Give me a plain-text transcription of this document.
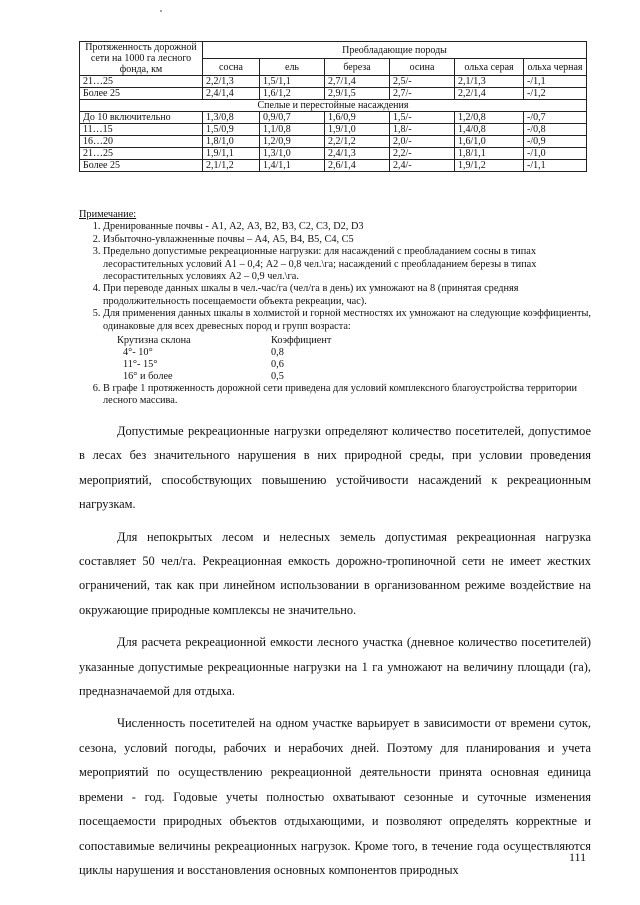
Протяженность дорожной сети на 1000 га лесного фонда, км	Преобладающие породы					
	сосна	ель	береза	осина	ольха серая	ольха черная
21…25	2,2/1,3	1,5/1,1	2,7/1,4	2,5/-	2,1/1,3	-/1,1
Более 25	2,4/1,4	1,6/1,2	2,9/1,5	2,7/-	2,2/1,4	-/1,2
Спелые и перестойные насаждения						
До 10 включительно	1,3/0,8	0,9/0,7	1,6/0,9	1,5/-	1,2/0,8	-/0,7
11…15	1,5/0,9	1,1/0,8	1,9/1,0	1,8/-	1,4/0,8	-/0,8
16…20	1,8/1,0	1,2/0,9	2,2/1,2	2,0/-	1,6/1,0	-/0,9
21…25	1,9/1,1	1,3/1,0	2,4/1,3	2,2/-	1,8/1,1	-/1,0
Более 25	2,1/1,2	1,4/1,1	2,6/1,4	2,4/-	1,9/1,2	-/1,1
Примечание:
1. Дренированные почвы - А1, А2, А3, В2, В3, С2, С3, D2, D3
2. Избыточно-увлажненные почвы – А4, А5, В4, В5, С4, С5
3. Предельно допустимые рекреационные нагрузки: для насаждений с преобладанием сосны в типах лесорастительных условий А1 – 0,4; А2 – 0,8 чел.\га; насаждений с преобладанием березы в типах лесорастительных условиях А2 – 0,9 чел.\га.
4. При переводе данных шкалы в чел.-час/га (чел/га в день) их умножают на 8 (принятая средняя продолжительность посещаемости объекта рекреации, час).
5. Для применения данных шкалы в холмистой и горной местностях их умножают на следующие коэффициенты, одинаковые для всех древесных пород и групп возраста:
Крутизна склона	Коэффициент
4°- 10°	0,8
11°- 15°	0,6
16° и более	0,5
6. В графе 1 протяженность дорожной сети приведена для условий комплексного благоустройства территории лесного массива.

Допустимые рекреационные нагрузки определяют количество посетителей, допустимое в лесах без значительного нарушения в них природной среды, при условии проведения мероприятий, способствующих повышению устойчивости насаждений к рекреационным нагрузкам.

Для непокрытых лесом и нелесных земель допустимая рекреационная нагрузка составляет 50 чел/га. Рекреационная емкость дорожно-тропиночной сети не имеет жестких ограничений, так как при линейном использовании в организованном режиме воздействие на окружающие природные комплексы не значительно.

Для расчета рекреационной емкости лесного участка (дневное количество посетителей) указанные допустимые рекреационные нагрузки на 1 га умножают на величину площади (га), предназначаемой для отдыха.

Численность посетителей на одном участке варьирует в зависимости от времени суток, сезона, условий погоды, рабочих и нерабочих дней. Поэтому для планирования и учета мероприятий по осуществлению рекреационной деятельности принята основная единица времени - год. Годовые учеты полностью охватывают сезонные и суточные изменения посещаемости природных объектов отдыхающими, и позволяют определять корректные и сопоставимые величины рекреационных нагрузок. Кроме того, в течение года осуществляются циклы нарушения и восстановления основных компонентов природных

111
